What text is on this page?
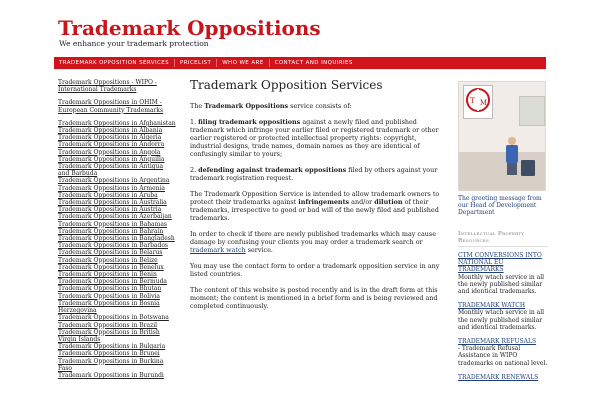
Trademark Oppositions
We enhance your trademark protection
TRADEMARK OPPOSITION SERVICES	PRICELIST	WHO WE ARE	CONTACT AND INQUIRIES
Trademark Oppositions - WIPO - International Trademarks
Trademark Oppositions in OHIM - European Community Trademarks
Trademark Oppositions in Afghanistan
Trademark Oppositions in Albania
Trademark Oppositions in Algeria
Trademark Oppositions in Andorra
Trademark Oppositions in Angola
Trademark Oppositions in Anguilla
Trademark Oppositions in Antigua and Barbuda
Trademark Oppositions in Argentina
Trademark Oppositions in Armenia
Trademark Oppositions in Aruba
Trademark Oppositions in Australia
Trademark Oppositions in Austria
Trademark Oppositions in Azerbaijan
Trademark Oppositions in Bahamas
Trademark Oppositions in Bahrain
Trademark Oppositions in Bangladesh
Trademark Oppositions in Barbados
Trademark Oppositions in Belarus
Trademark Oppositions in Belize
Trademark Oppositions in Benelux
Trademark Oppositions in Benin
Trademark Oppositions in Bermuda
Trademark Oppositions in Bhutan
Trademark Oppositions in Bolivia
Trademark Oppositions in Bosnia Herzegovina
Trademark Oppositions in Botswana
Trademark Oppositions in Brazil
Trademark Oppositions in British Virgin Islands
Trademark Oppositions in Bulgaria
Trademark Oppositions in Brunei
Trademark Oppositions in Burkina Faso
Trademark Oppositions in Burundi
Trademark Opposition Services

The Trademark Oppositions service consists of:

1. filing trademark oppositions against a newly filed and published trademark which infringe your earlier filed or registered trademark or other earlier registered or protected intellectual property rights: copyright, industrial designs, trade names, domain names as they are identical of confusingly similar to yours;

2. defending against trademark oppositions filed by others against your trademark registration request.

The Trademark Opposition Service is intended to allow trademark owners to protect their trademarks against infringements and/or dilution of their trademarks, irrespective to good or bad will of the newly filed and published trademarks.

In order to check if there are newly published trademarks which may cause damage by confusing your clients you may order a trademark search or trademark watch service.

You may use the contact form to order a trademark opposition service in any listed countries.

The content of this website is posted recently and is in the draft form at this moment; the content is mentioned in a brief form and is being reviewed and completed continuously.

T M
The greeting message from our Head of Development Department
Intellectual Property Resources
CTM CONVERSIONS INTO NATIONAL EU TRADEMARKS
Monthly wtach service in all the newly published similar and identical trademarks.
TRADEMARK WATCH
Monthly wtach service in all the newly published similar and identical trademarks.
TRADEMARK REFUSALS
- Trademark Refusal Assistance in WIPO trademarks on national level.
TRADEMARK RENEWALS
